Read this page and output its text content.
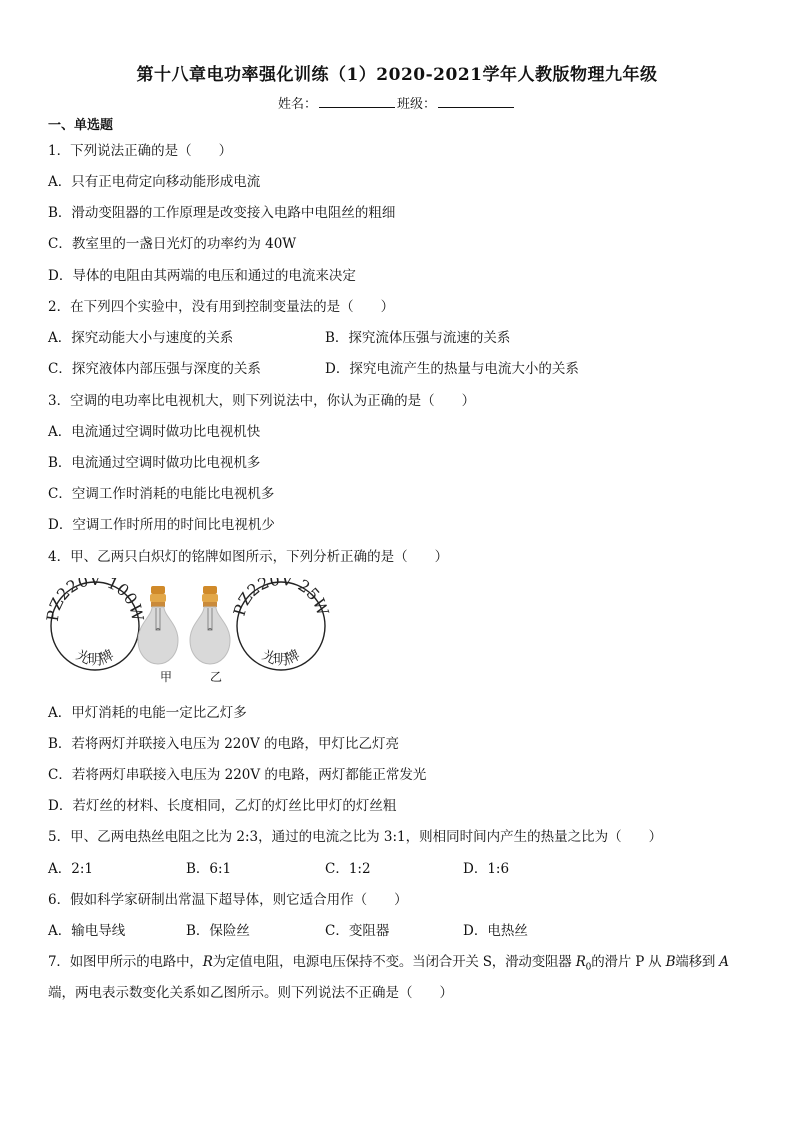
第十八章电功率强化训练（1）2020-2021学年人教版物理九年级
姓名：	班级：
一、单选题
1．下列说法正确的是（　　）
A．只有正电荷定向移动能形成电流
B．滑动变阻器的工作原理是改变接入电路中电阻丝的粗细
C．教室里的一盏日光灯的功率约为 40W
D．导体的电阻由其两端的电压和通过的电流来决定
2．在下列四个实验中，没有用到控制变量法的是（　　）
A．探究动能大小与速度的关系	B．探究流体压强与流速的关系
C．探究液体内部压强与深度的关系	D．探究电流产生的热量与电流大小的关系
3．空调的电功率比电视机大，则下列说法中，你认为正确的是（　　）
A．电流通过空调时做功比电视机快
B．电流通过空调时做功比电视机多
C．空调工作时消耗的电能比电视机多
D．空调工作时所用的时间比电视机少
4．甲、乙两只白炽灯的铭牌如图所示，下列分析正确的是（　　）
PZ220V 100W
光明牌
PZ220V 25W
光明牌
甲	乙
A．甲灯消耗的电能一定比乙灯多
B．若将两灯并联接入电压为 220V 的电路，甲灯比乙灯亮
C．若将两灯串联接入电压为 220V 的电路，两灯都能正常发光
D．若灯丝的材料、长度相同，乙灯的灯丝比甲灯的灯丝粗
5．甲、乙两电热丝电阻之比为 2:3，通过的电流之比为 3:1，则相同时间内产生的热量之比为（　　）
A．2:1	B．6:1	C．1:2	D．1:6
6．假如科学家研制出常温下超导体，则它适合用作（　　）
A．输电导线	B．保险丝	C．变阻器	D．电热丝
7．如图甲所示的电路中，R为定值电阻，电源电压保持不变。当闭合开关 S，滑动变阻器 $R_0$的滑片 P 从 B端移到 A
端，两电表示数变化关系如乙图所示。则下列说法不正确是（　　）
